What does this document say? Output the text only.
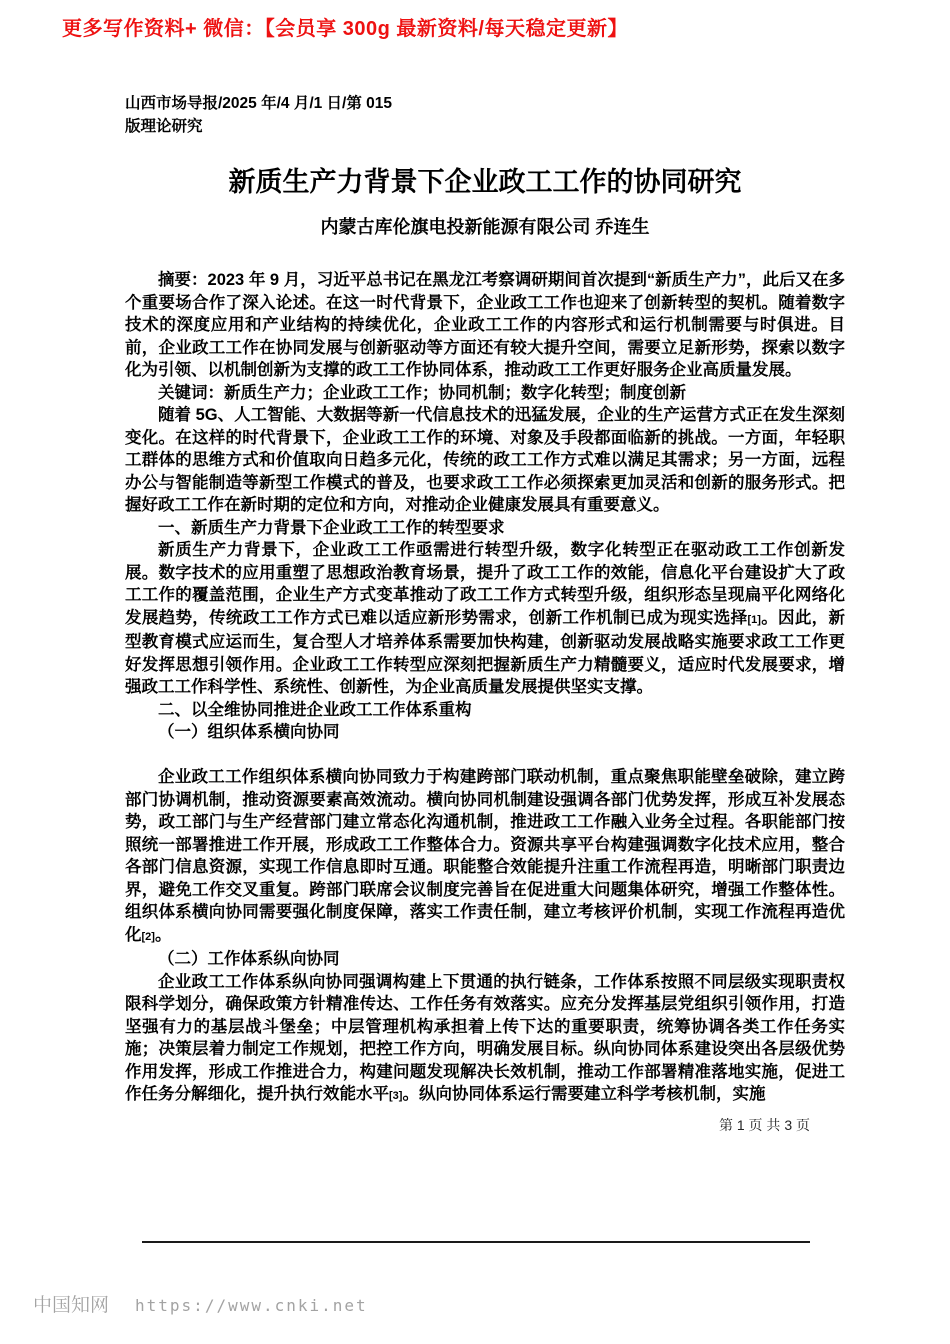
更多写作资料+ 微信：【会员享 300g 最新资料/每天稳定更新】
山西市场导报/2025 年/4 月/1 日/第 015
版理论研究
新质生产力背景下企业政工工作的协同研究
内蒙古库伦旗电投新能源有限公司 乔连生

摘要：2023 年 9 月，习近平总书记在黑龙江考察调研期间首次提到“新质生产力”，此后又在多个重要场合作了深入论述。在这一时代背景下，企业政工工作也迎来了创新转型的契机。随着数字技术的深度应用和产业结构的持续优化，企业政工工作的内容形式和运行机制需要与时俱进。目前，企业政工工作在协同发展与创新驱动等方面还有较大提升空间，需要立足新形势，探索以数字化为引领、以机制创新为支撑的政工工作协同体系，推动政工工作更好服务企业高质量发展。

关键词：新质生产力；企业政工工作；协同机制；数字化转型；制度创新

随着 5G、人工智能、大数据等新一代信息技术的迅猛发展，企业的生产运营方式正在发生深刻变化。在这样的时代背景下，企业政工工作的环境、对象及手段都面临新的挑战。一方面，年轻职工群体的思维方式和价值取向日趋多元化，传统的政工工作方式难以满足其需求；另一方面，远程办公与智能制造等新型工作模式的普及，也要求政工工作必须探索更加灵活和创新的服务形式。把握好政工工作在新时期的定位和方向，对推动企业健康发展具有重要意义。

一、新质生产力背景下企业政工工作的转型要求

新质生产力背景下，企业政工工作亟需进行转型升级，数字化转型正在驱动政工工作创新发展。数字技术的应用重塑了思想政治教育场景，提升了政工工作的效能，信息化平台建设扩大了政工工作的覆盖范围，企业生产方式变革推动了政工工作方式转型升级，组织形态呈现扁平化网络化发展趋势，传统政工工作方式已难以适应新形势需求，创新工作机制已成为现实选择[1]。因此，新型教育模式应运而生，复合型人才培养体系需要加快构建，创新驱动发展战略实施要求政工工作更好发挥思想引领作用。企业政工工作转型应深刻把握新质生产力精髓要义，适应时代发展要求，增强政工工作科学性、系统性、创新性，为企业高质量发展提供坚实支撑。

二、以全维协同推进企业政工工作体系重构

（一）组织体系横向协同

企业政工工作组织体系横向协同致力于构建跨部门联动机制，重点聚焦职能壁垒破除，建立跨部门协调机制，推动资源要素高效流动。横向协同机制建设强调各部门优势发挥，形成互补发展态势，政工部门与生产经营部门建立常态化沟通机制，推进政工工作融入业务全过程。各职能部门按照统一部署推进工作开展，形成政工工作整体合力。资源共享平台构建强调数字化技术应用，整合各部门信息资源，实现工作信息即时互通。职能整合效能提升注重工作流程再造，明晰部门职责边界，避免工作交叉重复。跨部门联席会议制度完善旨在促进重大问题集体研究，增强工作整体性。组织体系横向协同需要强化制度保障，落实工作责任制，建立考核评价机制，实现工作流程再造优化[2]。

（二）工作体系纵向协同

企业政工工作体系纵向协同强调构建上下贯通的执行链条，工作体系按照不同层级实现职责权限科学划分，确保政策方针精准传达、工作任务有效落实。应充分发挥基层党组织引领作用，打造坚强有力的基层战斗堡垒；中层管理机构承担着上传下达的重要职责，统筹协调各类工作任务实施；决策层着力制定工作规划，把控工作方向，明确发展目标。纵向协同体系建设突出各层级优势作用发挥，形成工作推进合力，构建问题发现解决长效机制，推动工作部署精准落地实施，促进工作任务分解细化，提升执行效能水平[3]。纵向协同体系运行需要建立科学考核机制，实施

第 1 页 共 3 页
中国知网 https://www.cnki.net
